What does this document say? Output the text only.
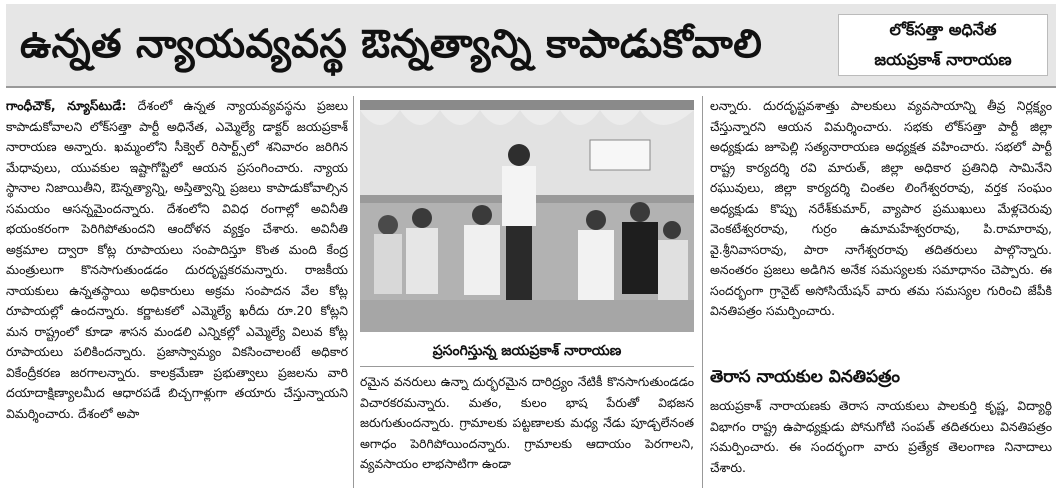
ఉన్నత న్యాయవ్యవస్థ ఔన్నత్యాన్ని కాపాడుకోవాలి	లోక్‌సత్తా అధినేత
జయప్రకాశ్ నారాయణ
గాంధీచౌక్, న్యూస్‌టుడే: దేశంలో ఉన్నత న్యాయవ్యవస్థను ప్రజలు కాపాడుకోవాలని లోక్‌సత్తా పార్టీ అధినేత, ఎమ్మెల్యే డాక్టర్ జయప్రకాశ్ నారాయణ అన్నారు. ఖమ్మంలోని సీక్వెల్ రిసార్ట్స్‌లో శనివారం జరిగిన మేధావులు, యువకుల ఇష్టాగోష్టిలో ఆయన ప్రసంగించారు. న్యాయ స్థానాల నిజాయితీని, ఔన్నత్యాన్ని, అస్తిత్వాన్ని ప్రజలు కాపాడుకోవాల్సిన సమయం ఆసన్నమైందన్నారు. దేశంలోని వివిధ రంగాల్లో అవినీతి భయంకరంగా పెరిగిపోతుందని ఆందోళన వ్యక్తం చేశారు. అవినీతి అక్రమాల ద్వారా కోట్ల రూపాయలు సంపాదిస్తూ కొంత మంది కేంద్ర మంత్రులుగా కొనసాగుతుండడం దురదృష్టకరమన్నారు. రాజకీయ నాయకులు ఉన్నతస్థాయి అధికారులు అక్రమ సంపాదన వేల కోట్ల రూపాయల్లో ఉందన్నారు. కర్ణాటకలో ఎమ్మెల్యే ఖరీదు రూ.20 కోట్లని మన రాష్ట్రంలో కూడా శాసన మండలి ఎన్నికల్లో ఎమ్మెల్యే విలువ కోట్ల రూపాయలు పలికిందన్నారు. ప్రజాస్వామ్యం వికసించాలంటే అధికార వికేంద్రీకరణ జరగాలన్నారు. కాలక్రమేణా ప్రభుత్వాలు ప్రజలను వారి దయాదాక్షిణ్యాలమీద ఆధారపడే బిచ్చగాళ్లుగా తయారు చేస్తున్నాయని విమర్శించారు. దేశంలో అపా
ప్రసంగిస్తున్న జయప్రకాశ్ నారాయణ
రమైన వనరులు ఉన్నా దుర్భరమైన దారిద్ర్యం నేటికీ కొనసాగుతుండడం విచారకరమన్నారు. మతం, కులం భాష పేరుతో విభజన జరుగుతుందన్నారు. గ్రామాలకు పట్టణాలకు మధ్య నేడు పూడ్చలేనంత అగాధం పెరిగిపోయిందన్నారు. గ్రామాలకు ఆదాయం పెరగాలని, వ్యవసాయం లాభసాటిగా ఉండా
లన్నారు. దురదృష్టవశాత్తు పాలకులు వ్యవసాయాన్ని తీవ్ర నిర్లక్ష్యం చేస్తున్నారని ఆయన విమర్శించారు. సభకు లోక్‌సత్తా పార్టీ జిల్లా అధ్యక్షుడు జూపెల్లి సత్యనారాయణ అధ్యక్షత వహించారు. సభలో పార్టీ రాష్ట్ర కార్యదర్శి రవి మారుత్, జిల్లా అధికార ప్రతినిధి సామినేని రఘువులు, జిల్లా కార్యదర్శి చింతల లింగేశ్వరరావు, వర్తక సంఘం అధ్యక్షుడు కొప్పు నరేశ్‌కుమార్, వ్యాపార ప్రముఖులు మేళ్లచెరువు వెంకటేశ్వరరావు, గుర్రం ఉమామహేశ్వరరావు, పి.రామారావు, వై.శ్రీనివాసరావు, పారా నాగేశ్వరరావు తదితరులు పాల్గొన్నారు. అనంతరం ప్రజలు అడిగిన అనేక సమస్యలకు సమాధానం చెప్పారు. ఈ సందర్భంగా గ్రానైట్ అసోసియేషన్ వారు తమ సమస్యల గురించి జేపీకి వినతిపత్రం సమర్పించారు.
తెరాస నాయకుల వినతిపత్రం
జయప్రకాశ్ నారాయణకు తెరాస నాయకులు పాలకుర్తి కృష్ణ, విద్యార్థి విభాగం రాష్ట్ర ఉపాధ్యక్షుడు పోనుగోటి సంపత్ తదితరులు వినతిపత్రం సమర్పించారు. ఈ సందర్భంగా వారు ప్రత్యేక తెలంగాణ నినాదాలు చేశారు.
